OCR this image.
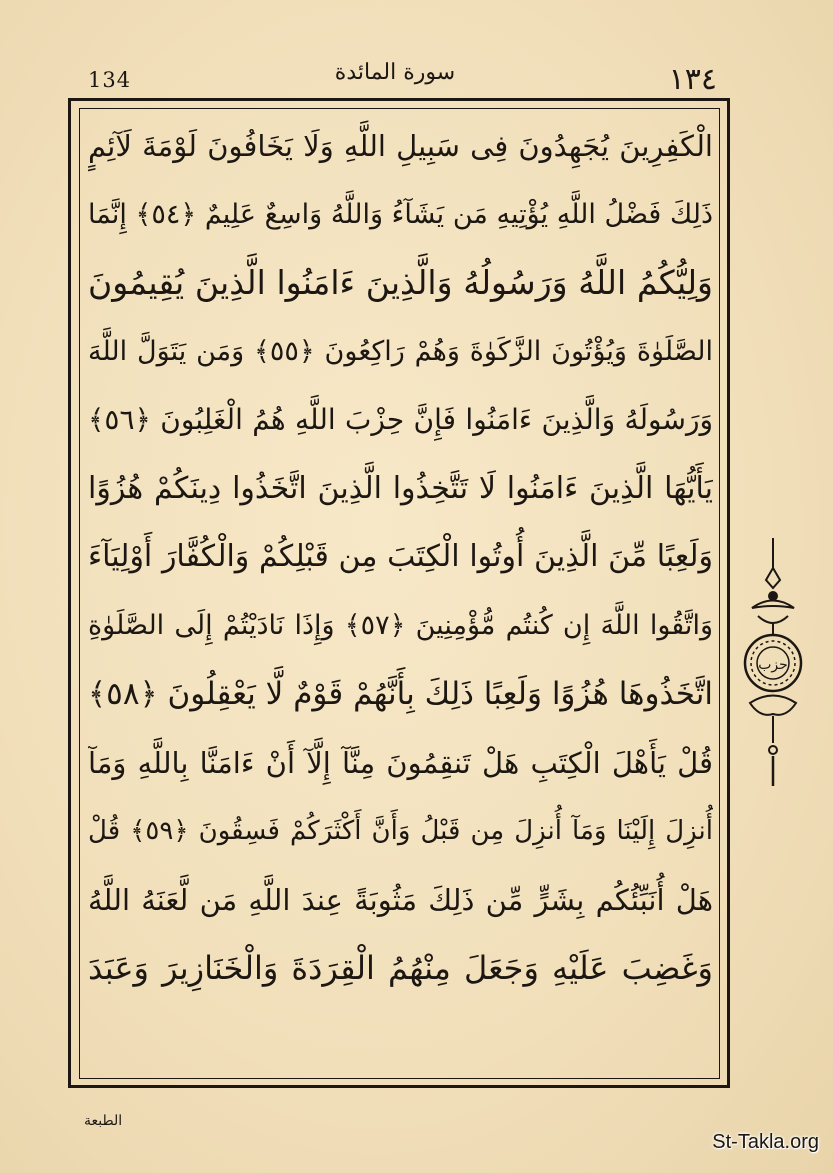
134	سورة المائدة	١٣٤
الْكَفِرِينَ يُجَهِدُونَ فِى سَبِيلِ اللَّهِ وَلَا يَخَافُونَ لَوْمَةَ لَآئِمٍ
ذَلِكَ فَضْلُ اللَّهِ يُؤْتِيهِ مَن يَشَآءُ وَاللَّهُ وَاسِعٌ عَلِيمٌ ﴿٥٤﴾ إِنَّمَا
وَلِيُّكُمُ اللَّهُ وَرَسُولُهُ وَالَّذِينَ ءَامَنُوا الَّذِينَ يُقِيمُونَ
الصَّلَوٰةَ وَيُؤْتُونَ الزَّكَوٰةَ وَهُمْ رَاكِعُونَ ﴿٥٥﴾ وَمَن يَتَوَلَّ اللَّهَ
وَرَسُولَهُ وَالَّذِينَ ءَامَنُوا فَإِنَّ حِزْبَ اللَّهِ هُمُ الْغَلِبُونَ ﴿٥٦﴾
يَأَيُّهَا الَّذِينَ ءَامَنُوا لَا تَتَّخِذُوا الَّذِينَ اتَّخَذُوا دِينَكُمْ هُزُوًا
وَلَعِبًا مِّنَ الَّذِينَ أُوتُوا الْكِتَبَ مِن قَبْلِكُمْ وَالْكُفَّارَ أَوْلِيَآءَ
وَاتَّقُوا اللَّهَ إِن كُنتُم مُّؤْمِنِينَ ﴿٥٧﴾ وَإِذَا نَادَيْتُمْ إِلَى الصَّلَوٰةِ
اتَّخَذُوهَا هُزُوًا وَلَعِبًا ذَلِكَ بِأَنَّهُمْ قَوْمٌ لَّا يَعْقِلُونَ ﴿٥٨﴾
قُلْ يَأَهْلَ الْكِتَبِ هَلْ تَنقِمُونَ مِنَّآ إِلَّآ أَنْ ءَامَنَّا بِاللَّهِ وَمَآ
أُنزِلَ إِلَيْنَا وَمَآ أُنزِلَ مِن قَبْلُ وَأَنَّ أَكْثَرَكُمْ فَسِقُونَ ﴿٥٩﴾ قُلْ
هَلْ أُنَبِّئُكُم بِشَرٍّ مِّن ذَلِكَ مَثُوبَةً عِندَ اللَّهِ مَن لَّعَنَهُ اللَّهُ
وَغَضِبَ عَلَيْهِ وَجَعَلَ مِنْهُمُ الْقِرَدَةَ وَالْخَنَازِيرَ وَعَبَدَ
حزب
الطبعة
St-Takla.org
